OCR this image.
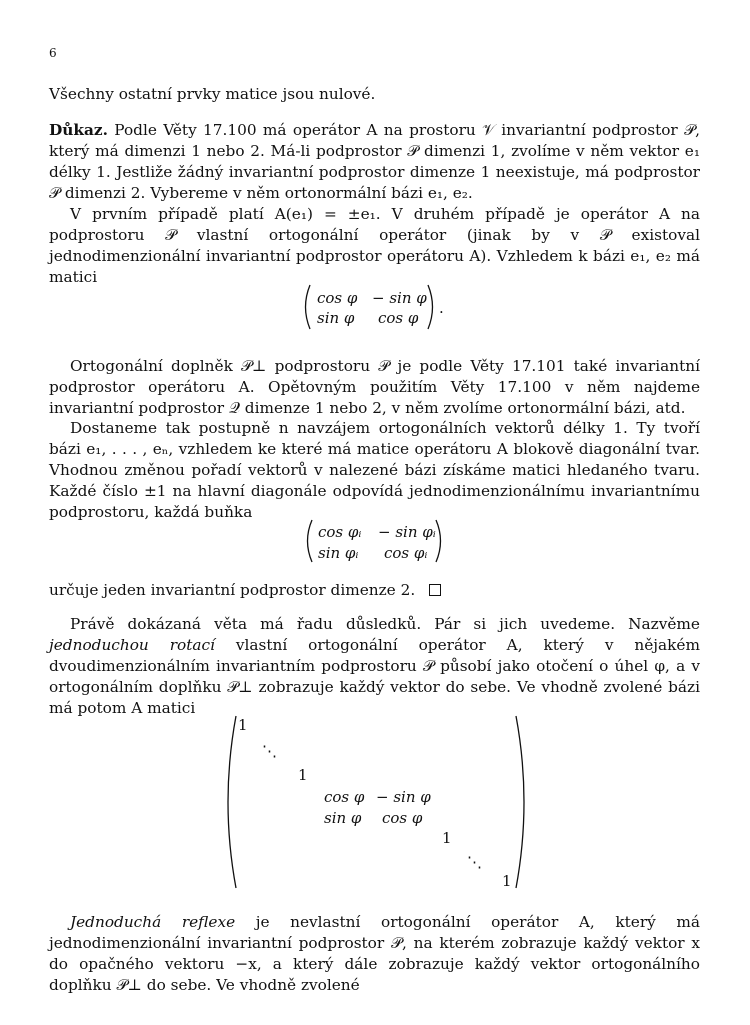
6
Všechny ostatní prvky matice jsou nulové.
Důkaz. Podle Věty 17.100 má operátor A na prostoru 𝒱 invariantní podprostor 𝒫, který má dimenzi 1 nebo 2. Má-li podprostor 𝒫 dimenzi 1, zvolíme v něm vektor e₁ délky 1. Jestliže žádný invariantní podprostor dimenze 1 neexistuje, má podprostor 𝒫 dimenzi 2. Vybereme v něm ortonormální bázi e₁, e₂.
V prvním případě platí A(e₁) = ±e₁. V druhém případě je operátor A na podprostoru 𝒫 vlastní ortogonální operátor (jinak by v 𝒫 existoval jednodimenzionální invariantní podprostor operátoru A). Vzhledem k bázi e₁, e₂ má matici
cos φ − sin φ
sin φ cos φ
.
Ortogonální doplněk 𝒫⊥ podprostoru 𝒫 je podle Věty 17.101 také invariantní podprostor operátoru A. Opětovným použitím Věty 17.100 v něm najdeme invariantní podprostor 𝒬 dimenze 1 nebo 2, v něm zvolíme ortonormální bázi, atd.
Dostaneme tak postupně n navzájem ortogonálních vektorů délky 1. Ty tvoří bázi e₁, . . . , eₙ, vzhledem ke které má matice operátoru A blokově diagonální tvar. Vhodnou změnou pořadí vektorů v nalezené bázi získáme matici hledaného tvaru. Každé číslo ±1 na hlavní diagonále odpovídá jednodimenzionálnímu invariantnímu podprostoru, každá buňka
cos φᵢ − sin φᵢ
sin φᵢ cos φᵢ
určuje jeden invariantní podprostor dimenze 2.
Právě dokázaná věta má řadu důsledků. Pár si jich uvedeme. Nazvěme jednoduchou rotací vlastní ortogonální operátor A, který v nějakém dvoudimenzionálním invariantním podprostoru 𝒫 působí jako otočení o úhel φ, a v ortogonálním doplňku 𝒫⊥ zobrazuje každý vektor do sebe. Ve vhodně zvolené bázi má potom A matici
1
⋱
1
cos φ − sin φ
sin φ cos φ
1
⋱
1
Jednoduchá reflexe je nevlastní ortogonální operátor A, který má jednodimenzionální invariantní podprostor 𝒫, na kterém zobrazuje každý vektor x do opačného vektoru −x, a který dále zobrazuje každý vektor ortogonálního doplňku 𝒫⊥ do sebe. Ve vhodně zvolené
